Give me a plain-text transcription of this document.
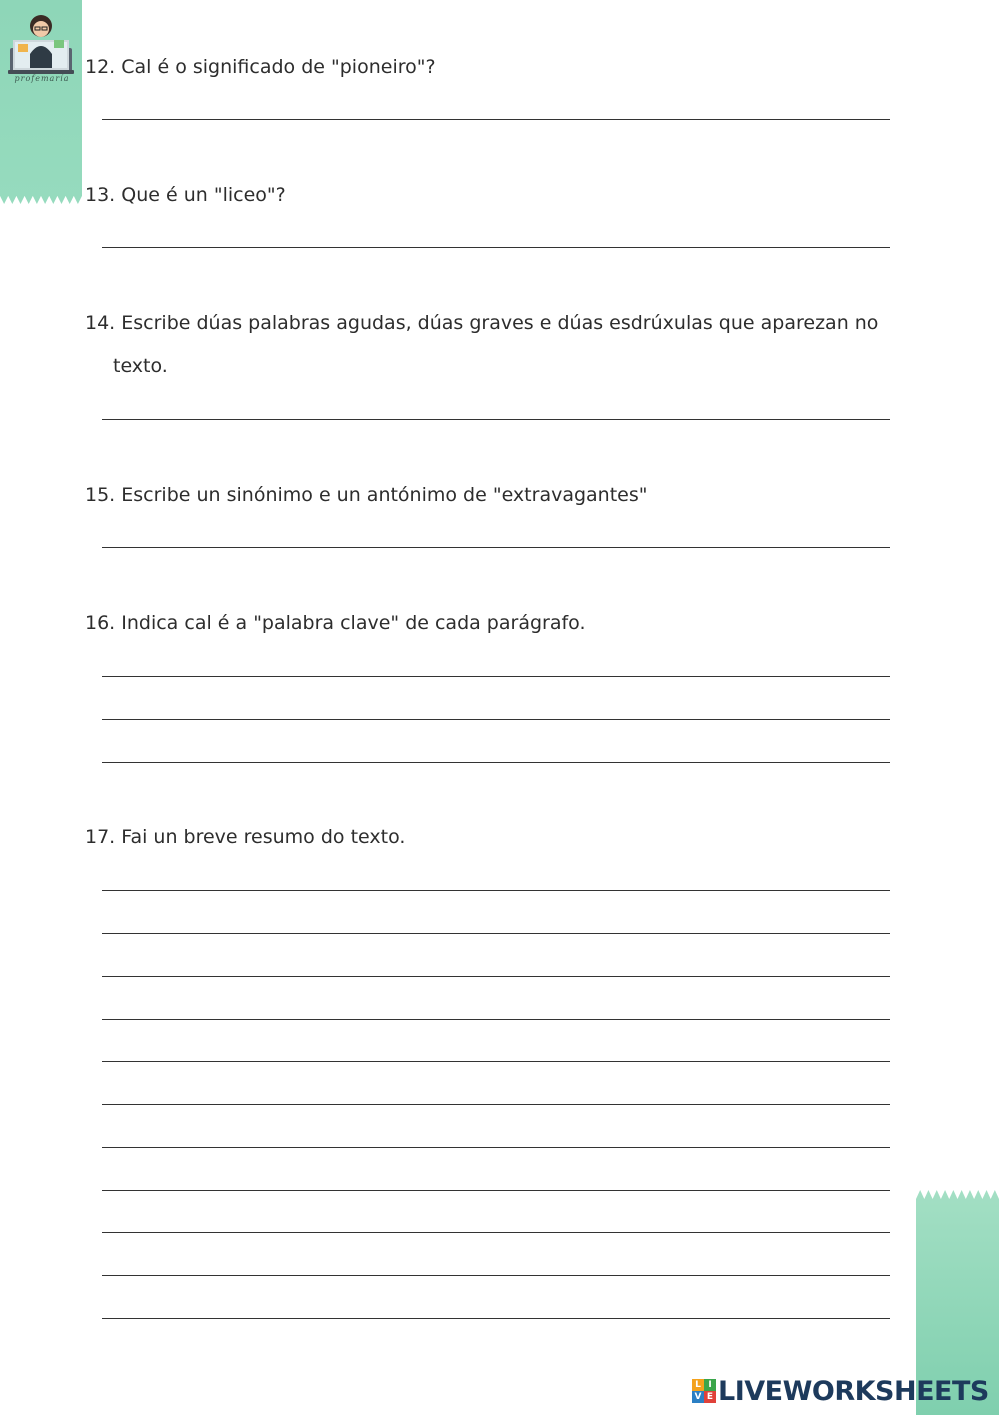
profemaría
12. Cal é o significado de "pioneiro"?
13. Que é un "liceo"?
14. Escribe dúas palabras agudas, dúas graves e dúas esdrúxulas que aparezan no
texto.
15. Escribe un sinónimo e un antónimo de "extravagantes"
16. Indica cal é a "palabra clave" de cada parágrafo.
17. Fai un breve resumo do texto.
L I
V E LIVEWORKSHEETS
